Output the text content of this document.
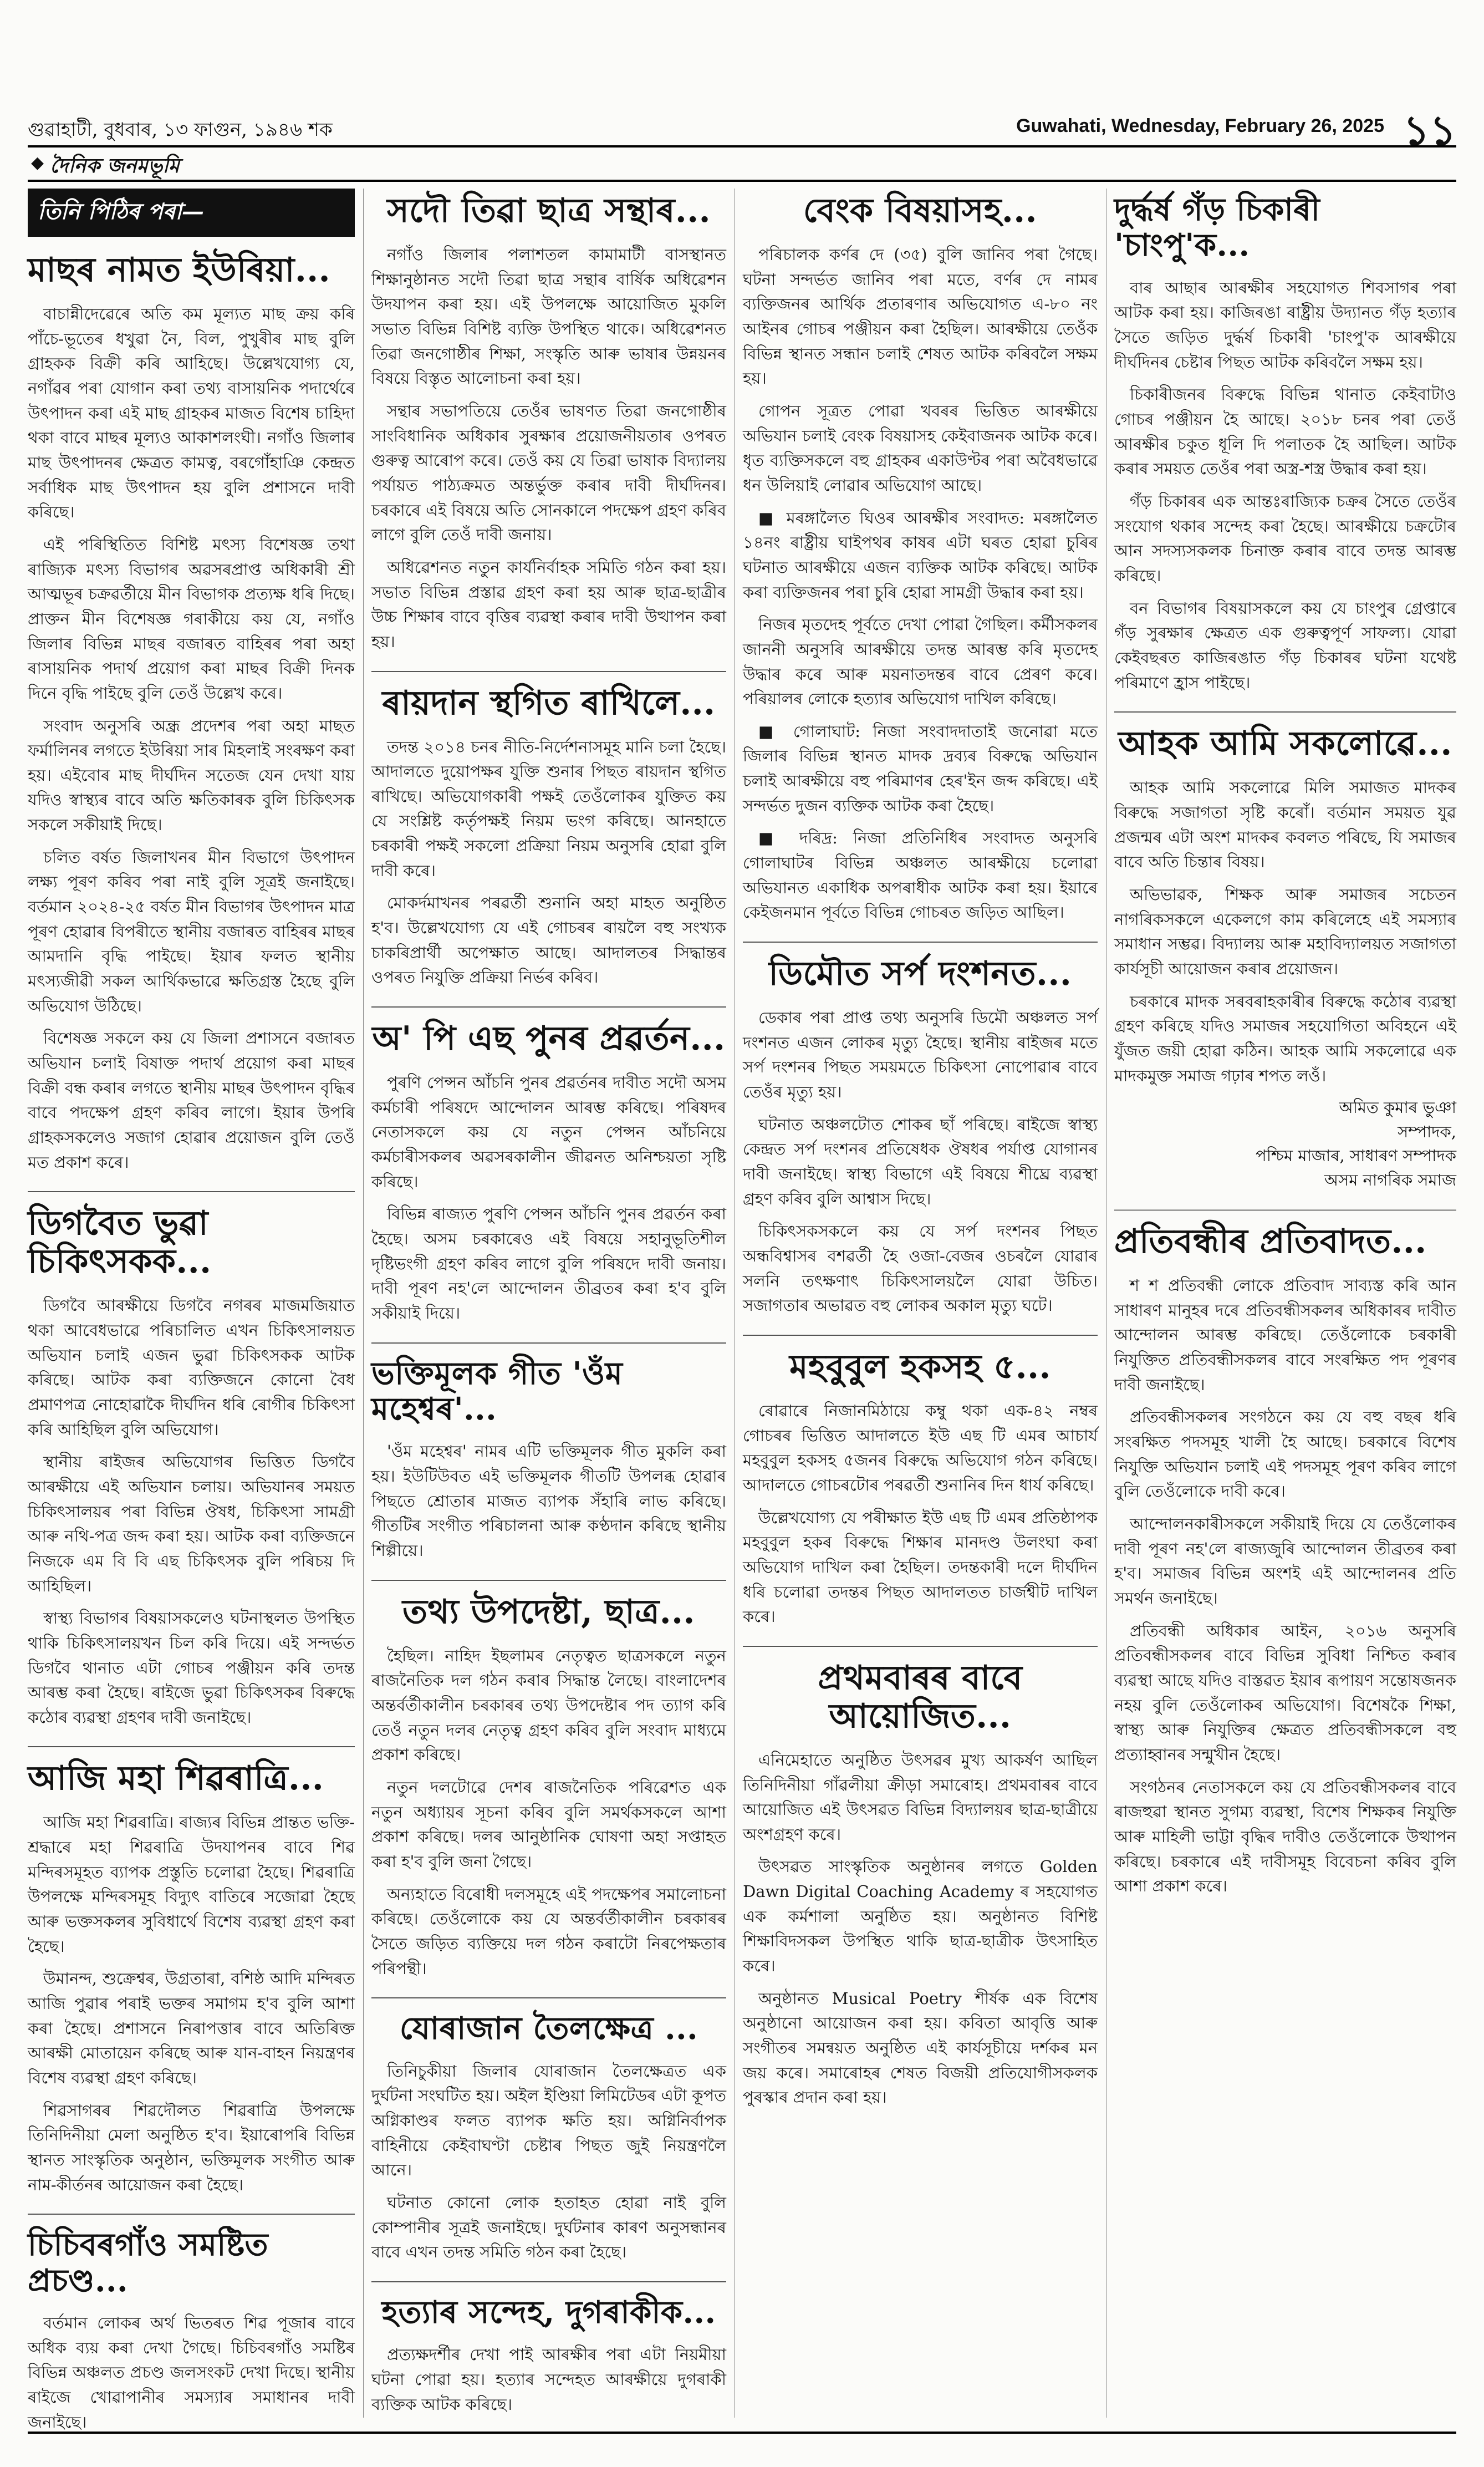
গুৱাহাটী, বুধবাৰ, ১৩ ফাগুন, ১৯৪৬ শক	Guwahati, Wednesday, February 26, 2025 ১১
◆ দৈনিক জনমভূমি
তিনি পিঠিৰ পৰা—
মাছৰ নামত ইউৰিয়া...

বাচান্নীদেৱেৰে অতি কম মূল্যত মাছ ক্ৰয় কৰি পাঁচে-ভূতেৰ ধখুৱা নৈ, বিল, পুখুৰীৰ মাছ বুলি গ্ৰাহকক বিক্ৰী কৰি আহিছে। উল্লেখযোগ্য যে, নগাঁৱৰ পৰা যোগান কৰা তথ্য বাসায়নিক পদাৰ্থেৰে উৎপাদন কৰা এই মাছ গ্ৰাহকৰ মাজত বিশেষ চাহিদা থকা বাবে মাছৰ মূল্যও আকাশলংঘী। নগাঁও জিলাৰ মাছ উৎপাদনৰ ক্ষেত্ৰত কামত্ব, বৰগোঁহাঞি কেন্দ্ৰত সৰ্বাধিক মাছ উৎপাদন হয় বুলি প্ৰশাসনে দাবী কৰিছে।

এই পৰিস্থিতিত বিশিষ্ট মৎস্য বিশেষজ্ঞ তথা ৰাজ্যিক মৎস্য বিভাগৰ অৱসৰপ্ৰাপ্ত অধিকাৰী শ্ৰী আত্মভূৰ চক্ৰৱৰ্তীয়ে মীন বিভাগক প্ৰত্যক্ষ ধৰি দিছে। প্ৰাক্তন মীন বিশেষজ্ঞ গৰাকীয়ে কয় যে, নগাঁও জিলাৰ বিভিন্ন মাছৰ বজাৰত বাহিৰৰ পৰা অহা ৰাসায়নিক পদাৰ্থ প্ৰয়োগ কৰা মাছৰ বিক্ৰী দিনক দিনে বৃদ্ধি পাইছে বুলি তেওঁ উল্লেখ কৰে।

সংবাদ অনুসৰি অন্ধ্ৰ প্ৰদেশৰ পৰা অহা মাছত ফৰ্মালিনৰ লগতে ইউৰিয়া সাৰ মিহলাই সংৰক্ষণ কৰা হয়। এইবোৰ মাছ দীৰ্ঘদিন সতেজ যেন দেখা যায় যদিও স্বাস্থ্যৰ বাবে অতি ক্ষতিকাৰক বুলি চিকিৎসক সকলে সকীয়াই দিছে।

চলিত বৰ্ষত জিলাখনৰ মীন বিভাগে উৎপাদন লক্ষ্য পূৰণ কৰিব পৰা নাই বুলি সূত্ৰই জনাইছে। বৰ্তমান ২০২৪-২৫ বৰ্ষত মীন বিভাগৰ উৎপাদন মাত্ৰ পূৰণ হোৱাৰ বিপৰীতে স্থানীয় বজাৰত বাহিৰৰ মাছৰ আমদানি বৃদ্ধি পাইছে। ইয়াৰ ফলত স্থানীয় মৎস্যজীৱী সকল আৰ্থিকভাৱে ক্ষতিগ্ৰস্ত হৈছে বুলি অভিযোগ উঠিছে।

বিশেষজ্ঞ সকলে কয় যে জিলা প্ৰশাসনে বজাৰত অভিযান চলাই বিষাক্ত পদাৰ্থ প্ৰয়োগ কৰা মাছৰ বিক্ৰী বন্ধ কৰাৰ লগতে স্থানীয় মাছৰ উৎপাদন বৃদ্ধিৰ বাবে পদক্ষেপ গ্ৰহণ কৰিব লাগে। ইয়াৰ উপৰি গ্ৰাহকসকলেও সজাগ হোৱাৰ প্ৰয়োজন বুলি তেওঁ মত প্ৰকাশ কৰে।

ডিগবৈত ভুৱা চিকিৎসকক...

ডিগবৈ আৰক্ষীয়ে ডিগবৈ নগৰৰ মাজমজিয়াত থকা আবেধভাৱে পৰিচালিত এখন চিকিৎসালয়ত অভিযান চলাই এজন ভুৱা চিকিৎসকক আটক কৰিছে। আটক কৰা ব্যক্তিজনে কোনো বৈধ প্ৰমাণপত্ৰ নোহোৱাকৈ দীৰ্ঘদিন ধৰি ৰোগীৰ চিকিৎসা কৰি আহিছিল বুলি অভিযোগ।

স্থানীয় ৰাইজৰ অভিযোগৰ ভিত্তিত ডিগবৈ আৰক্ষীয়ে এই অভিযান চলায়। অভিযানৰ সময়ত চিকিৎসালয়ৰ পৰা বিভিন্ন ঔষধ, চিকিৎসা সামগ্ৰী আৰু নথি-পত্ৰ জব্দ কৰা হয়। আটক কৰা ব্যক্তিজনে নিজকে এম বি বি এছ চিকিৎসক বুলি পৰিচয় দি আহিছিল।

স্বাস্থ্য বিভাগৰ বিষয়াসকলেও ঘটনাস্থলত উপস্থিত থাকি চিকিৎসালয়খন চিল কৰি দিয়ে। এই সন্দৰ্ভত ডিগবৈ থানাত এটা গোচৰ পঞ্জীয়ন কৰি তদন্ত আৰম্ভ কৰা হৈছে। ৰাইজে ভুৱা চিকিৎসকৰ বিৰুদ্ধে কঠোৰ ব্যৱস্থা গ্ৰহণৰ দাবী জনাইছে।

আজি মহা শিৱৰাত্ৰি...

আজি মহা শিৱৰাত্ৰি। ৰাজ্যৰ বিভিন্ন প্ৰান্তত ভক্তি-শ্ৰদ্ধাৰে মহা শিৱৰাত্ৰি উদযাপনৰ বাবে শিৱ মন্দিৰসমূহত ব্যাপক প্ৰস্তুতি চলোৱা হৈছে। শিৱৰাত্ৰি উপলক্ষে মন্দিৰসমূহ বিদ্যুৎ বাতিৰে সজোৱা হৈছে আৰু ভক্তসকলৰ সুবিধাৰ্থে বিশেষ ব্যৱস্থা গ্ৰহণ কৰা হৈছে।

উমানন্দ, শুক্ৰেশ্বৰ, উগ্ৰতাৰা, বশিষ্ঠ আদি মন্দিৰত আজি পুৱাৰ পৰাই ভক্তৰ সমাগম হ'ব বুলি আশা কৰা হৈছে। প্ৰশাসনে নিৰাপত্তাৰ বাবে অতিৰিক্ত আৰক্ষী মোতায়েন কৰিছে আৰু যান-বাহন নিয়ন্ত্ৰণৰ বিশেষ ব্যৱস্থা গ্ৰহণ কৰিছে।

শিৱসাগৰৰ শিৱদৌলত শিৱৰাত্ৰি উপলক্ষে তিনিদিনীয়া মেলা অনুষ্ঠিত হ'ব। ইয়াৰোপৰি বিভিন্ন স্থানত সাংস্কৃতিক অনুষ্ঠান, ভক্তিমূলক সংগীত আৰু নাম-কীৰ্তনৰ আয়োজন কৰা হৈছে।

চিচিবৰগাঁও সমষ্টিত প্ৰচণ্ড...

বৰ্তমান লোকৰ অৰ্থ ভিতৰত শিৱ পূজাৰ বাবে অধিক ব্যয় কৰা দেখা গৈছে। চিচিবৰগাঁও সমষ্টিৰ বিভিন্ন অঞ্চলত প্ৰচণ্ড জলসংকট দেখা দিছে। স্থানীয় ৰাইজে খোৱাপানীৰ সমস্যাৰ সমাধানৰ দাবী জনাইছে।

সদৌ তিৱা ছাত্ৰ সন্থাৰ...

নগাঁও জিলাৰ পলাশতল কামামাটী বাসস্থানত শিক্ষানুষ্ঠানত সদৌ তিৱা ছাত্ৰ সন্থাৰ বাৰ্ষিক অধিৱেশন উদযাপন কৰা হয়। এই উপলক্ষে আয়োজিত মুকলি সভাত বিভিন্ন বিশিষ্ট ব্যক্তি উপস্থিত থাকে। অধিৱেশনত তিৱা জনগোষ্ঠীৰ শিক্ষা, সংস্কৃতি আৰু ভাষাৰ উন্নয়নৰ বিষয়ে বিস্তৃত আলোচনা কৰা হয়।

সন্থাৰ সভাপতিয়ে তেওঁৰ ভাষণত তিৱা জনগোষ্ঠীৰ সাংবিধানিক অধিকাৰ সুৰক্ষাৰ প্ৰয়োজনীয়তাৰ ওপৰত গুৰুত্ব আৰোপ কৰে। তেওঁ কয় যে তিৱা ভাষাক বিদ্যালয় পৰ্যায়ত পাঠ্যক্ৰমত অন্তৰ্ভুক্ত কৰাৰ দাবী দীৰ্ঘদিনৰ। চৰকাৰে এই বিষয়ে অতি সোনকালে পদক্ষেপ গ্ৰহণ কৰিব লাগে বুলি তেওঁ দাবী জনায়।

অধিৱেশনত নতুন কাৰ্যনিৰ্বাহক সমিতি গঠন কৰা হয়। সভাত বিভিন্ন প্ৰস্তাৱ গ্ৰহণ কৰা হয় আৰু ছাত্ৰ-ছাত্ৰীৰ উচ্চ শিক্ষাৰ বাবে বৃত্তিৰ ব্যৱস্থা কৰাৰ দাবী উত্থাপন কৰা হয়।

ৰায়দান স্থগিত ৰাখিলে...

তদন্ত ২০১৪ চনৰ নীতি-নিৰ্দেশনাসমূহ মানি চলা হৈছে। আদালতে দুয়োপক্ষৰ যুক্তি শুনাৰ পিছত ৰায়দান স্থগিত ৰাখিছে। অভিযোগকাৰী পক্ষই তেওঁলোকৰ যুক্তিত কয় যে সংশ্লিষ্ট কৰ্তৃপক্ষই নিয়ম ভংগ কৰিছে। আনহাতে চৰকাৰী পক্ষই সকলো প্ৰক্ৰিয়া নিয়ম অনুসৰি হোৱা বুলি দাবী কৰে।

মোকৰ্দমাখনৰ পৰৱৰ্তী শুনানি অহা মাহত অনুষ্ঠিত হ'ব। উল্লেখযোগ্য যে এই গোচৰৰ ৰায়লৈ বহু সংখ্যক চাকৰিপ্ৰাৰ্থী অপেক্ষাত আছে। আদালতৰ সিদ্ধান্তৰ ওপৰত নিযুক্তি প্ৰক্ৰিয়া নিৰ্ভৰ কৰিব।

অ' পি এছ পুনৰ প্ৰৱৰ্তন...

পুৰণি পেন্সন আঁচনি পুনৰ প্ৰৱৰ্তনৰ দাবীত সদৌ অসম কৰ্মচাৰী পৰিষদে আন্দোলন আৰম্ভ কৰিছে। পৰিষদৰ নেতাসকলে কয় যে নতুন পেন্সন আঁচনিয়ে কৰ্মচাৰীসকলৰ অৱসৰকালীন জীৱনত অনিশ্চয়তা সৃষ্টি কৰিছে।

বিভিন্ন ৰাজ্যত পুৰণি পেন্সন আঁচনি পুনৰ প্ৰৱৰ্তন কৰা হৈছে। অসম চৰকাৰেও এই বিষয়ে সহানুভূতিশীল দৃষ্টিভংগী গ্ৰহণ কৰিব লাগে বুলি পৰিষদে দাবী জনায়। দাবী পূৰণ নহ'লে আন্দোলন তীব্ৰতৰ কৰা হ'ব বুলি সকীয়াই দিয়ে।

ভক্তিমূলক গীত 'ওঁম মহেশ্বৰ'...

'ওঁম মহেশ্বৰ' নামৰ এটি ভক্তিমূলক গীত মুকলি কৰা হয়। ইউটিউবত এই ভক্তিমূলক গীতটি উপলব্ধ হোৱাৰ পিছতে শ্ৰোতাৰ মাজত ব্যাপক সঁহাৰি লাভ কৰিছে। গীতটিৰ সংগীত পৰিচালনা আৰু কণ্ঠদান কৰিছে স্থানীয় শিল্পীয়ে।

তথ্য উপদেষ্টা, ছাত্ৰ...

হৈছিল। নাহিদ ইছলামৰ নেতৃত্বত ছাত্ৰসকলে নতুন ৰাজনৈতিক দল গঠন কৰাৰ সিদ্ধান্ত লৈছে। বাংলাদেশৰ অন্তৰ্বৰ্তীকালীন চৰকাৰৰ তথ্য উপদেষ্টাৰ পদ ত্যাগ কৰি তেওঁ নতুন দলৰ নেতৃত্ব গ্ৰহণ কৰিব বুলি সংবাদ মাধ্যমে প্ৰকাশ কৰিছে।

নতুন দলটোৱে দেশৰ ৰাজনৈতিক পৰিৱেশত এক নতুন অধ্যায়ৰ সূচনা কৰিব বুলি সমৰ্থকসকলে আশা প্ৰকাশ কৰিছে। দলৰ আনুষ্ঠানিক ঘোষণা অহা সপ্তাহত কৰা হ'ব বুলি জনা গৈছে।

অন্যহাতে বিৰোধী দলসমূহে এই পদক্ষেপৰ সমালোচনা কৰিছে। তেওঁলোকে কয় যে অন্তৰ্বৰ্তীকালীন চৰকাৰৰ সৈতে জড়িত ব্যক্তিয়ে দল গঠন কৰাটো নিৰপেক্ষতাৰ পৰিপন্থী।

যোৰাজান তৈলক্ষেত্ৰ ...

তিনিচুকীয়া জিলাৰ যোৰাজান তৈলক্ষেত্ৰত এক দুৰ্ঘটনা সংঘটিত হয়। অইল ইণ্ডিয়া লিমিটেডৰ এটা কূপত অগ্নিকাণ্ডৰ ফলত ব্যাপক ক্ষতি হয়। অগ্নিনিৰ্বাপক বাহিনীয়ে কেইবাঘণ্টা চেষ্টাৰ পিছত জুই নিয়ন্ত্ৰণলৈ আনে।

ঘটনাত কোনো লোক হতাহত হোৱা নাই বুলি কোম্পানীৰ সূত্ৰই জনাইছে। দুৰ্ঘটনাৰ কাৰণ অনুসন্ধানৰ বাবে এখন তদন্ত সমিতি গঠন কৰা হৈছে।

হত্যাৰ সন্দেহ, দুগৰাকীক...

প্ৰত্যক্ষদৰ্শীৰ দেখা পাই আৰক্ষীৰ পৰা এটা নিয়মীয়া ঘটনা পোৱা হয়। হত্যাৰ সন্দেহত আৰক্ষীয়ে দুগৰাকী ব্যক্তিক আটক কৰিছে।

বেংক বিষয়াসহ...

পৰিচালক কৰ্ণৰ দে (৩৫) বুলি জানিব পৰা গৈছে। ঘটনা সন্দৰ্ভত জানিব পৰা মতে, বৰ্ণৰ দে নামৰ ব্যক্তিজনৰ আৰ্থিক প্ৰতাৰণাৰ অভিযোগত এ-৮০ নং আইনৰ গোচৰ পঞ্জীয়ন কৰা হৈছিল। আৰক্ষীয়ে তেওঁক বিভিন্ন স্থানত সন্ধান চলাই শেষত আটক কৰিবলৈ সক্ষম হয়।

গোপন সূত্ৰত পোৱা খবৰৰ ভিত্তিত আৰক্ষীয়ে অভিযান চলাই বেংক বিষয়াসহ কেইবাজনক আটক কৰে। ধৃত ব্যক্তিসকলে বহু গ্ৰাহকৰ একাউণ্টৰ পৰা অবৈধভাৱে ধন উলিয়াই লোৱাৰ অভিযোগ আছে।

■ মৰঙ্গালৈত ঘিওৰ আৰক্ষীৰ সংবাদত: মৰঙ্গালৈত ১৪নং ৰাষ্ট্ৰীয় ঘাইপথৰ কাষৰ এটা ঘৰত হোৱা চুৰিৰ ঘটনাত আৰক্ষীয়ে এজন ব্যক্তিক আটক কৰিছে। আটক কৰা ব্যক্তিজনৰ পৰা চুৰি হোৱা সামগ্ৰী উদ্ধাৰ কৰা হয়।

নিজৰ মৃতদেহ পূৰ্বতে দেখা পোৱা গৈছিল। কৰ্মীসকলৰ জাননী অনুসৰি আৰক্ষীয়ে তদন্ত আৰম্ভ কৰি মৃতদেহ উদ্ধাৰ কৰে আৰু ময়নাতদন্তৰ বাবে প্ৰেৰণ কৰে। পৰিয়ালৰ লোকে হত্যাৰ অভিযোগ দাখিল কৰিছে।

■ গোলাঘাট: নিজা সংবাদদাতাই জনোৱা মতে জিলাৰ বিভিন্ন স্থানত মাদক দ্ৰব্যৰ বিৰুদ্ধে অভিযান চলাই আৰক্ষীয়ে বহু পৰিমাণৰ হেৰ'ইন জব্দ কৰিছে। এই সন্দৰ্ভত দুজন ব্যক্তিক আটক কৰা হৈছে।

■ দৰিদ্ৰ: নিজা প্ৰতিনিধিৰ সংবাদত অনুসৰি গোলাঘাটৰ বিভিন্ন অঞ্চলত আৰক্ষীয়ে চলোৱা অভিযানত একাধিক অপৰাধীক আটক কৰা হয়। ইয়াৰে কেইজনমান পূৰ্বতে বিভিন্ন গোচৰত জড়িত আছিল।

ডিমৌত সৰ্প দংশনত...

ডেকাৰ পৰা প্ৰাপ্ত তথ্য অনুসৰি ডিমৌ অঞ্চলত সৰ্প দংশনত এজন লোকৰ মৃত্যু হৈছে। স্থানীয় ৰাইজৰ মতে সৰ্প দংশনৰ পিছত সময়মতে চিকিৎসা নোপোৱাৰ বাবে তেওঁৰ মৃত্যু হয়।

ঘটনাত অঞ্চলটোত শোকৰ ছাঁ পৰিছে। ৰাইজে স্বাস্থ্য কেন্দ্ৰত সৰ্প দংশনৰ প্ৰতিষেধক ঔষধৰ পৰ্যাপ্ত যোগানৰ দাবী জনাইছে। স্বাস্থ্য বিভাগে এই বিষয়ে শীঘ্ৰে ব্যৱস্থা গ্ৰহণ কৰিব বুলি আশ্বাস দিছে।

চিকিৎসকসকলে কয় যে সৰ্প দংশনৰ পিছত অন্ধবিশ্বাসৰ বশৱৰ্তী হৈ ওজা-বেজৰ ওচৰলৈ যোৱাৰ সলনি তৎক্ষণাৎ চিকিৎসালয়লৈ যোৱা উচিত। সজাগতাৰ অভাৱত বহু লোকৰ অকাল মৃত্যু ঘটে।

মহবুবুল হকসহ ৫...

ৰোৱাৰে নিজানমিঠায়ে কম্বু থকা এক-৪২ নম্বৰ গোচৰৰ ভিত্তিত আদালতে ইউ এছ টি এমৰ আচাৰ্য মহবুবুল হকসহ ৫জনৰ বিৰুদ্ধে অভিযোগ গঠন কৰিছে। আদালতে গোচৰটোৰ পৰৱৰ্তী শুনানিৰ দিন ধাৰ্য কৰিছে।

উল্লেখযোগ্য যে পৰীক্ষাত ইউ এছ টি এমৰ প্ৰতিষ্ঠাপক মহবুবুল হকৰ বিৰুদ্ধে শিক্ষাৰ মানদণ্ড উলংঘা কৰা অভিযোগ দাখিল কৰা হৈছিল। তদন্তকাৰী দলে দীৰ্ঘদিন ধৰি চলোৱা তদন্তৰ পিছত আদালতত চাৰ্জশ্বীট দাখিল কৰে।

প্ৰথমবাৰৰ বাবে আয়োজিত...

এনিমেহাতে অনুষ্ঠিত উৎসৱৰ মুখ্য আকৰ্ষণ আছিল তিনিদিনীয়া গাঁৱলীয়া ক্ৰীড়া সমাৰোহ। প্ৰথমবাৰৰ বাবে আয়োজিত এই উৎসৱত বিভিন্ন বিদ্যালয়ৰ ছাত্ৰ-ছাত্ৰীয়ে অংশগ্ৰহণ কৰে।

উৎসৱত সাংস্কৃতিক অনুষ্ঠানৰ লগতে Golden Dawn Digital Coaching Academy ৰ সহযোগত এক কৰ্মশালা অনুষ্ঠিত হয়। অনুষ্ঠানত বিশিষ্ট শিক্ষাবিদসকল উপস্থিত থাকি ছাত্ৰ-ছাত্ৰীক উৎসাহিত কৰে।

অনুষ্ঠানত Musical Poetry শীৰ্ষক এক বিশেষ অনুষ্ঠানো আয়োজন কৰা হয়। কবিতা আবৃত্তি আৰু সংগীতৰ সমন্বয়ত অনুষ্ঠিত এই কাৰ্যসূচীয়ে দৰ্শকৰ মন জয় কৰে। সমাৰোহৰ শেষত বিজয়ী প্ৰতিযোগীসকলক পুৰস্কাৰ প্ৰদান কৰা হয়।

দুৰ্দ্ধৰ্ষ গঁড় চিকাৰী 'চাংপু'ক...

বাৰ আছাৰ আৰক্ষীৰ সহযোগত শিবসাগৰ পৰা আটক কৰা হয়। কাজিৰঙা ৰাষ্ট্ৰীয় উদ্যানত গঁড় হত্যাৰ সৈতে জড়িত দুৰ্দ্ধৰ্ষ চিকাৰী 'চাংপু'ক আৰক্ষীয়ে দীৰ্ঘদিনৰ চেষ্টাৰ পিছত আটক কৰিবলৈ সক্ষম হয়।

চিকাৰীজনৰ বিৰুদ্ধে বিভিন্ন থানাত কেইবাটাও গোচৰ পঞ্জীয়ন হৈ আছে। ২০১৮ চনৰ পৰা তেওঁ আৰক্ষীৰ চকুত ধূলি দি পলাতক হৈ আছিল। আটক কৰাৰ সময়ত তেওঁৰ পৰা অস্ত্ৰ-শস্ত্ৰ উদ্ধাৰ কৰা হয়।

গঁড় চিকাৰৰ এক আন্তঃৰাজ্যিক চক্ৰৰ সৈতে তেওঁৰ সংযোগ থকাৰ সন্দেহ কৰা হৈছে। আৰক্ষীয়ে চক্ৰটোৰ আন সদস্যসকলক চিনাক্ত কৰাৰ বাবে তদন্ত আৰম্ভ কৰিছে।

বন বিভাগৰ বিষয়াসকলে কয় যে চাংপুৰ গ্ৰেপ্তাৰে গঁড় সুৰক্ষাৰ ক্ষেত্ৰত এক গুৰুত্বপূৰ্ণ সাফল্য। যোৱা কেইবছৰত কাজিৰঙাত গঁড় চিকাৰৰ ঘটনা যথেষ্ট পৰিমাণে হ্ৰাস পাইছে।

আহক আমি সকলোৱে...

আহক আমি সকলোৱে মিলি সমাজত মাদকৰ বিৰুদ্ধে সজাগতা সৃষ্টি কৰোঁ। বৰ্তমান সময়ত যুৱ প্ৰজন্মৰ এটা অংশ মাদকৰ কবলত পৰিছে, যি সমাজৰ বাবে অতি চিন্তাৰ বিষয়।

অভিভাৱক, শিক্ষক আৰু সমাজৰ সচেতন নাগৰিকসকলে একেলগে কাম কৰিলেহে এই সমস্যাৰ সমাধান সম্ভৱ। বিদ্যালয় আৰু মহাবিদ্যালয়ত সজাগতা কাৰ্যসূচী আয়োজন কৰাৰ প্ৰয়োজন।

চৰকাৰে মাদক সৰবৰাহকাৰীৰ বিৰুদ্ধে কঠোৰ ব্যৱস্থা গ্ৰহণ কৰিছে যদিও সমাজৰ সহযোগিতা অবিহনে এই যুঁজত জয়ী হোৱা কঠিন। আহক আমি সকলোৱে এক মাদকমুক্ত সমাজ গঢ়াৰ শপত লওঁ।

অমিত কুমাৰ ভুঞা
সম্পাদক,
পশ্চিম মাজাৰ, সাধাৰণ সম্পাদক
অসম নাগৰিক সমাজ
প্ৰতিবন্ধীৰ প্ৰতিবাদত...

শ শ প্ৰতিবন্ধী লোকে প্ৰতিবাদ সাব্যস্ত কৰি আন সাধাৰণ মানুহৰ দৰে প্ৰতিবন্ধীসকলৰ অধিকাৰৰ দাবীত আন্দোলন আৰম্ভ কৰিছে। তেওঁলোকে চৰকাৰী নিযুক্তিত প্ৰতিবন্ধীসকলৰ বাবে সংৰক্ষিত পদ পূৰণৰ দাবী জনাইছে।

প্ৰতিবন্ধীসকলৰ সংগঠনে কয় যে বহু বছৰ ধৰি সংৰক্ষিত পদসমূহ খালী হৈ আছে। চৰকাৰে বিশেষ নিযুক্তি অভিযান চলাই এই পদসমূহ পূৰণ কৰিব লাগে বুলি তেওঁলোকে দাবী কৰে।

আন্দোলনকাৰীসকলে সকীয়াই দিয়ে যে তেওঁলোকৰ দাবী পূৰণ নহ'লে ৰাজ্যজুৰি আন্দোলন তীব্ৰতৰ কৰা হ'ব। সমাজৰ বিভিন্ন অংশই এই আন্দোলনৰ প্ৰতি সমৰ্থন জনাইছে।

প্ৰতিবন্ধী অধিকাৰ আইন, ২০১৬ অনুসৰি প্ৰতিবন্ধীসকলৰ বাবে বিভিন্ন সুবিধা নিশ্চিত কৰাৰ ব্যৱস্থা আছে যদিও বাস্তৱত ইয়াৰ ৰূপায়ণ সন্তোষজনক নহয় বুলি তেওঁলোকৰ অভিযোগ। বিশেষকৈ শিক্ষা, স্বাস্থ্য আৰু নিযুক্তিৰ ক্ষেত্ৰত প্ৰতিবন্ধীসকলে বহু প্ৰত্যাহ্বানৰ সন্মুখীন হৈছে।

সংগঠনৰ নেতাসকলে কয় যে প্ৰতিবন্ধীসকলৰ বাবে ৰাজহুৱা স্থানত সুগম্য ব্যৱস্থা, বিশেষ শিক্ষকৰ নিযুক্তি আৰু মাহিলী ভাট্টা বৃদ্ধিৰ দাবীও তেওঁলোকে উত্থাপন কৰিছে। চৰকাৰে এই দাবীসমূহ বিবেচনা কৰিব বুলি আশা প্ৰকাশ কৰে।
